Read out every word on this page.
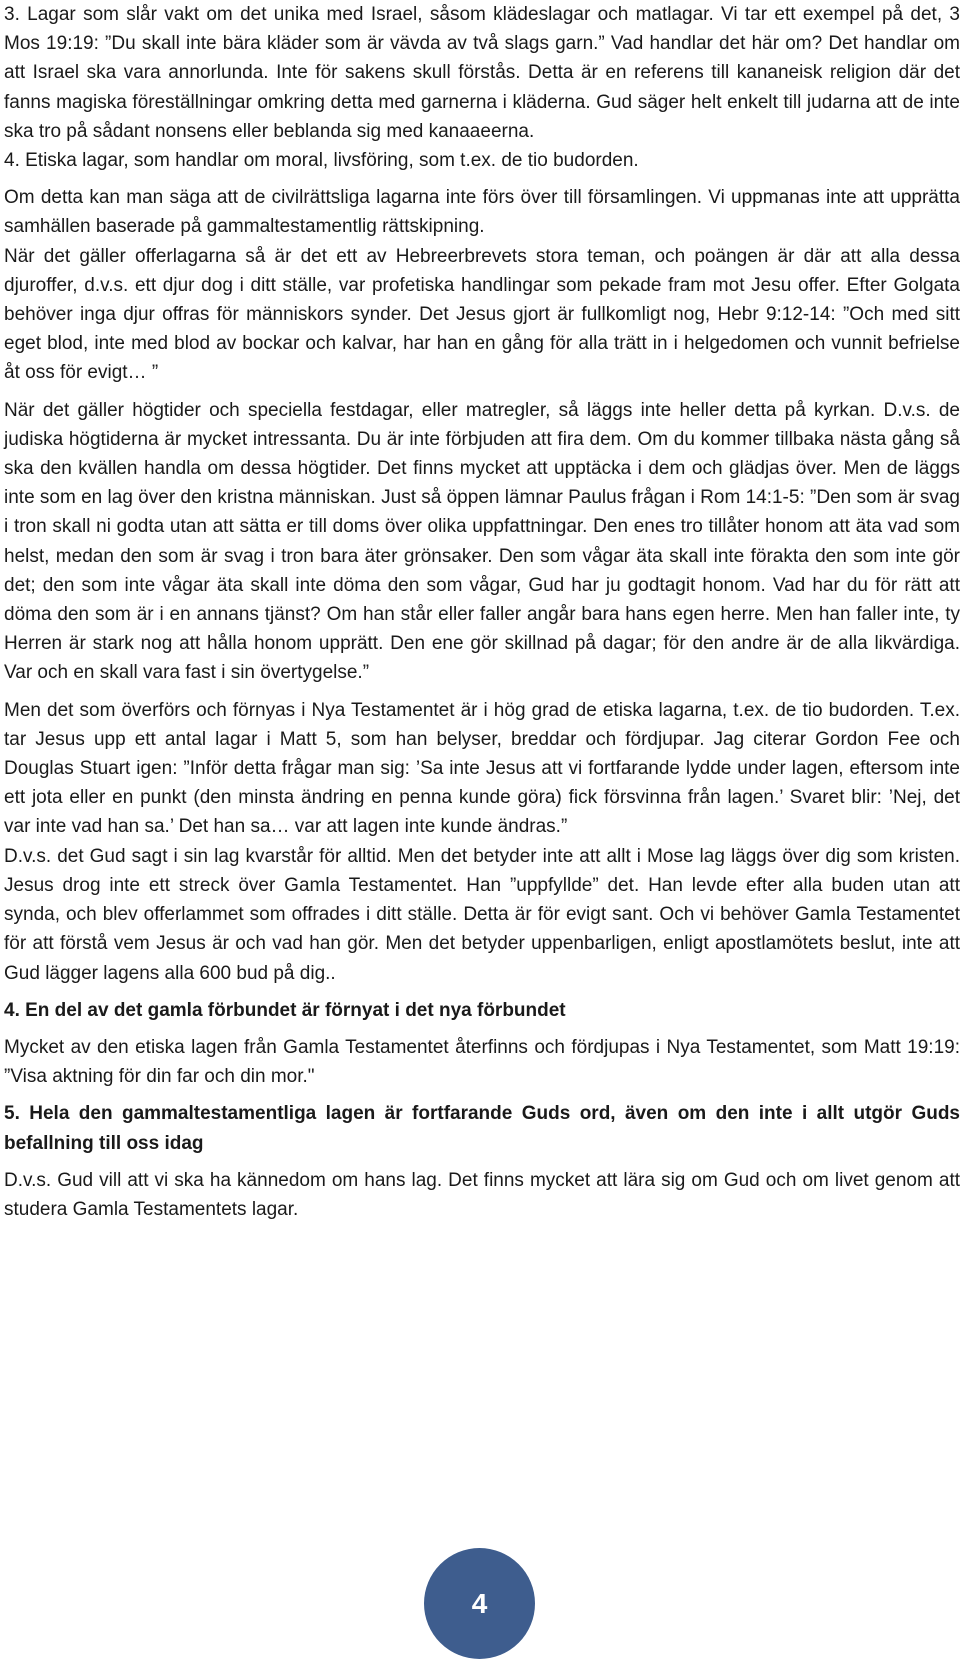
3. Lagar som slår vakt om det unika med Israel, såsom klädeslagar och matlagar. Vi tar ett exempel på det, 3 Mos 19:19: ”Du skall inte bära kläder som är vävda av två slags garn.” Vad handlar det här om? Det handlar om att Israel ska vara annorlunda. Inte för sakens skull förstås. Detta är en referens till kananeisk religion där det fanns magiska föreställningar omkring detta med garnerna i kläderna. Gud säger helt enkelt till judarna att de inte ska tro på sådant nonsens eller beblanda sig med kanaaeerna.

4. Etiska lagar, som handlar om moral, livsföring, som t.ex. de tio budorden.

Om detta kan man säga att de civilrättsliga lagarna inte förs över till församlingen. Vi uppmanas inte att upprätta samhällen baserade på gammaltestamentlig rättskipning.

När det gäller offerlagarna så är det ett av Hebreerbrevets stora teman, och poängen är där att alla dessa djuroffer, d.v.s. ett djur dog i ditt ställe, var profetiska handlingar som pekade fram mot Jesu offer. Efter Golgata behöver inga djur offras för människors synder. Det Jesus gjort är fullkomligt nog, Hebr 9:12-14: ”Och med sitt eget blod, inte med blod av bockar och kalvar, har han en gång för alla trätt in i helgedomen och vunnit befrielse åt oss för evigt… ”

När det gäller högtider och speciella festdagar, eller matregler, så läggs inte heller detta på kyrkan. D.v.s. de judiska högtiderna är mycket intressanta. Du är inte förbjuden att fira dem. Om du kommer tillbaka nästa gång så ska den kvällen handla om dessa högtider. Det finns mycket att upptäcka i dem och glädjas över. Men de läggs inte som en lag över den kristna människan. Just så öppen lämnar Paulus frågan i Rom 14:1-5: ”Den som är svag i tron skall ni godta utan att sätta er till doms över olika uppfattningar. Den enes tro tillåter honom att äta vad som helst, medan den som är svag i tron bara äter grönsaker. Den som vågar äta skall inte förakta den som inte gör det; den som inte vågar äta skall inte döma den som vågar, Gud har ju godtagit honom. Vad har du för rätt att döma den som är i en annans tjänst? Om han står eller faller angår bara hans egen herre. Men han faller inte, ty Herren är stark nog att hålla honom upprätt. Den ene gör skillnad på dagar; för den andre är de alla likvärdiga. Var och en skall vara fast i sin övertygelse.”

Men det som överförs och förnyas i Nya Testamentet är i hög grad de etiska lagarna, t.ex. de tio budorden. T.ex. tar Jesus upp ett antal lagar i Matt 5, som han belyser, breddar och fördjupar. Jag citerar Gordon Fee och Douglas Stuart igen: ”Inför detta frågar man sig: ’Sa inte Jesus att vi fortfarande lydde under lagen, eftersom inte ett jota eller en punkt (den minsta ändring en penna kunde göra) fick försvinna från lagen.’ Svaret blir: ’Nej, det var inte vad han sa.’ Det han sa… var att lagen inte kunde ändras.”

D.v.s. det Gud sagt i sin lag kvarstår för alltid. Men det betyder inte att allt i Mose lag läggs över dig som kristen. Jesus drog inte ett streck över Gamla Testamentet. Han ”uppfyllde” det. Han levde efter alla buden utan att synda, och blev offerlammet som offrades i ditt ställe. Detta är för evigt sant. Och vi behöver Gamla Testamentet för att förstå vem Jesus är och vad han gör. Men det betyder uppenbarligen, enligt apostlamötets beslut, inte att Gud lägger lagens alla 600 bud på dig..

4. En del av det gamla förbundet är förnyat i det nya förbundet

Mycket av den etiska lagen från Gamla Testamentet återfinns och fördjupas i Nya Testamentet, som Matt 19:19: ”Visa aktning för din far och din mor."

5. Hela den gammaltestamentliga lagen är fortfarande Guds ord, även om den inte i allt utgör Guds befallning till oss idag

D.v.s. Gud vill att vi ska ha kännedom om hans lag. Det finns mycket att lära sig om Gud och om livet genom att studera Gamla Testamentets lagar.

4
